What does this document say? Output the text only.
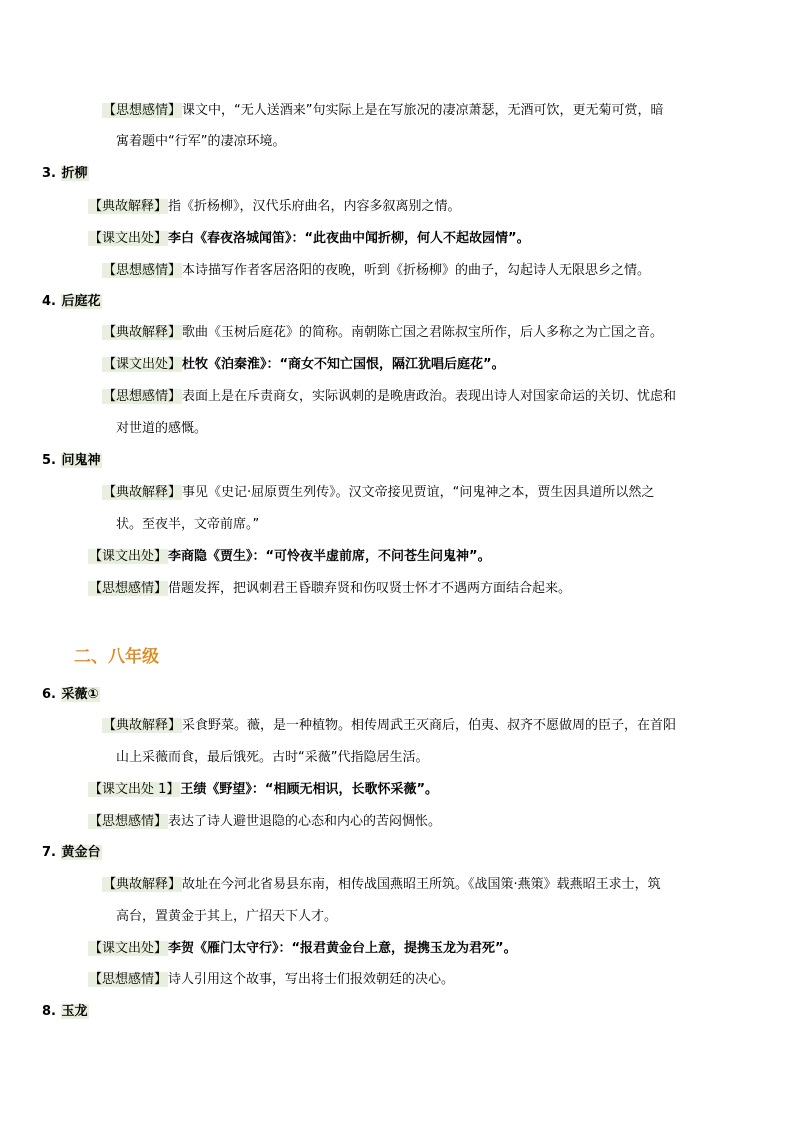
【思想感情】课文中，“无人送酒来”句实际上是在写旅况的凄凉萧瑟，无酒可饮，更无菊可赏，暗
寓着题中“行军”的凄凉环境。
3. 折柳
【典故解释】指《折杨柳》，汉代乐府曲名，内容多叙离别之情。
【课文出处】李白《春夜洛城闻笛》：“此夜曲中闻折柳，何人不起故园情”。
【思想感情】本诗描写作者客居洛阳的夜晚，听到《折杨柳》的曲子，勾起诗人无限思乡之情。
4. 后庭花
【典故解释】歌曲《玉树后庭花》的简称。南朝陈亡国之君陈叔宝所作，后人多称之为亡国之音。
【课文出处】杜牧《泊秦淮》：“商女不知亡国恨，隔江犹唱后庭花”。
【思想感情】表面上是在斥责商女，实际讽刺的是晚唐政治。表现出诗人对国家命运的关切、忧虑和
对世道的感慨。
5. 问鬼神
【典故解释】事见《史记·屈原贾生列传》。汉文帝接见贾谊，“问鬼神之本，贾生因具道所以然之
状。至夜半，文帝前席。”
【课文出处】李商隐《贾生》：“可怜夜半虚前席，不问苍生问鬼神”。
【思想感情】借题发挥，把讽刺君王昏聩弃贤和伤叹贤士怀才不遇两方面结合起来。
二、八年级
6. 采薇①
【典故解释】采食野菜。薇，是一种植物。相传周武王灭商后，伯夷、叔齐不愿做周的臣子，在首阳
山上采薇而食，最后饿死。古时“采薇”代指隐居生活。
【课文出处 1】王绩《野望》：“相顾无相识，长歌怀采薇”。
【思想感情】表达了诗人避世退隐的心态和内心的苦闷惆怅。
7. 黄金台
【典故解释】故址在今河北省易县东南，相传战国燕昭王所筑。《战国策·燕策》载燕昭王求士，筑
高台，置黄金于其上，广招天下人才。
【课文出处】李贺《雁门太守行》：“报君黄金台上意，提携玉龙为君死”。
【思想感情】诗人引用这个故事，写出将士们报效朝廷的决心。
8. 玉龙
